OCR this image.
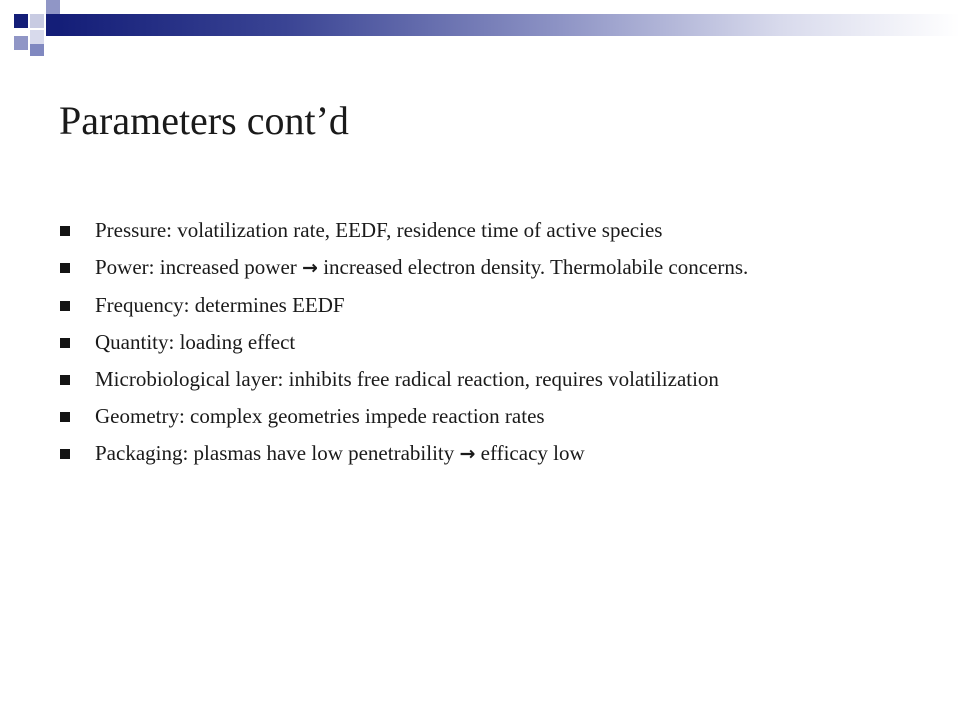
Parameters cont’d
Pressure: volatilization rate, EEDF, residence time of active species
Power: increased power → increased electron density. Thermolabile concerns.
Frequency: determines EEDF
Quantity: loading effect
Microbiological layer: inhibits free radical reaction, requires volatilization
Geometry: complex geometries impede reaction rates
Packaging: plasmas have low penetrability → efficacy low
